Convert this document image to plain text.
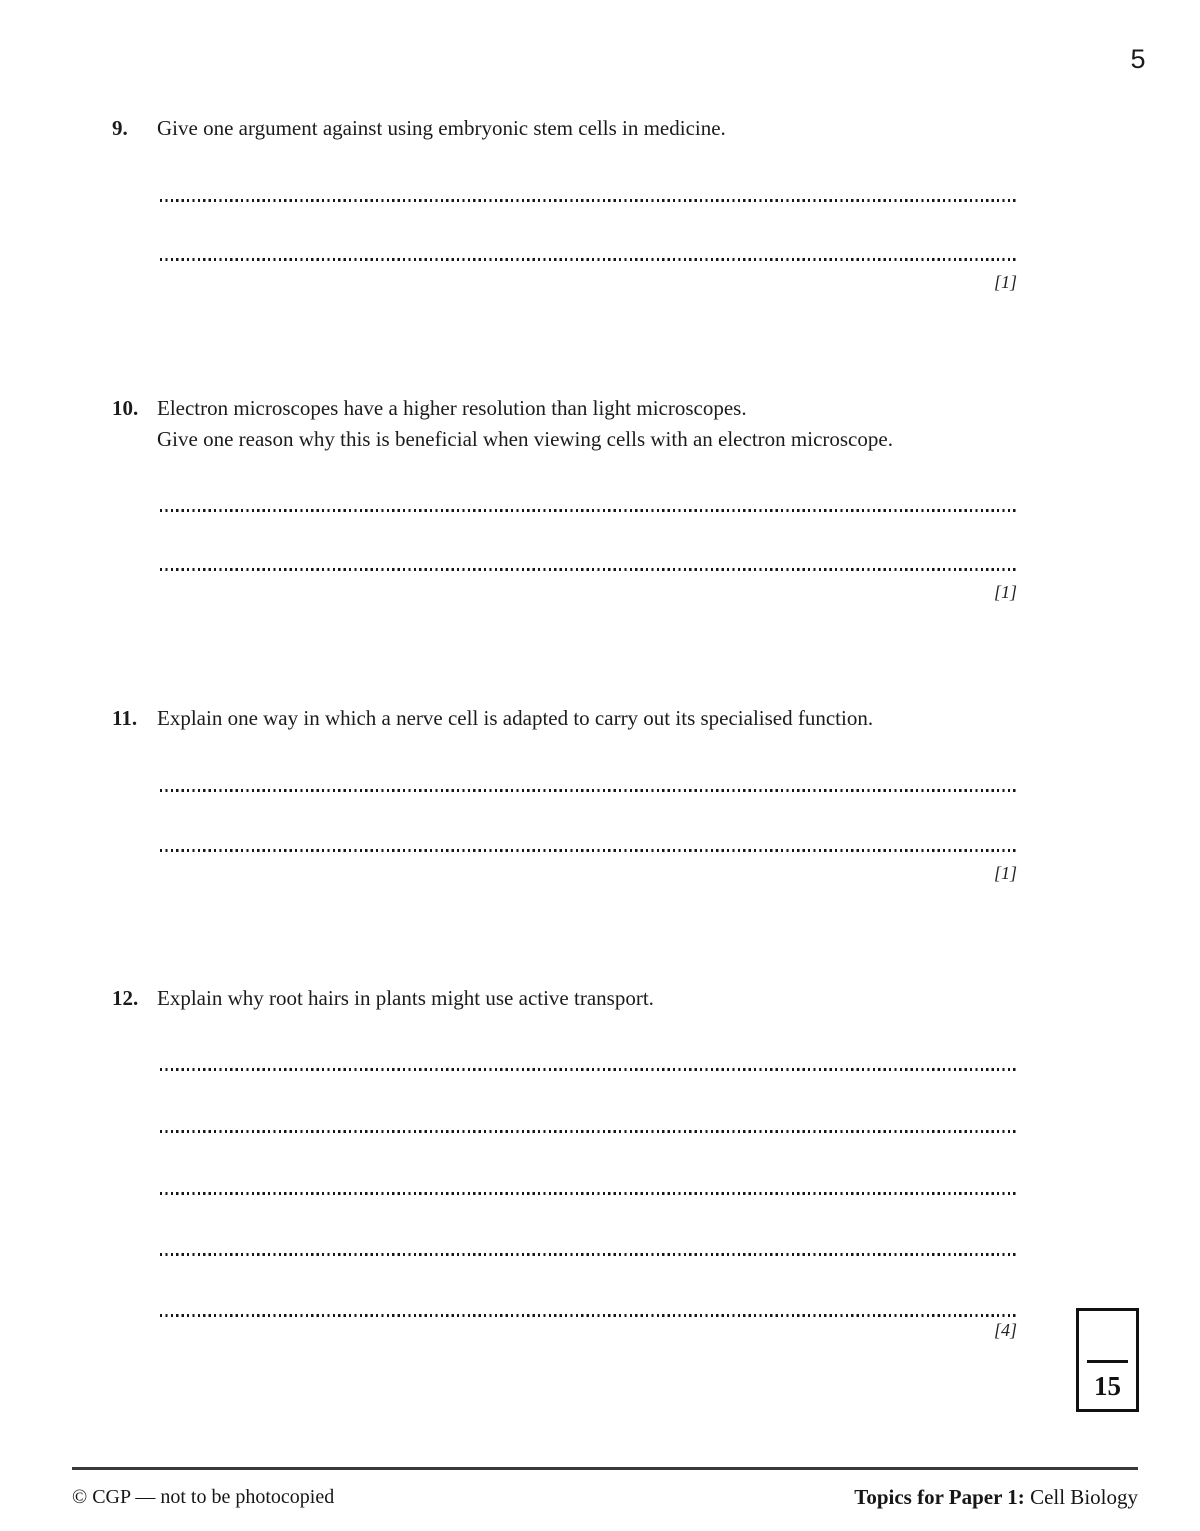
5
9.	Give one argument against using embryonic stem cells in medicine.
[1]
10. Electron microscopes have a higher resolution than light microscopes.
Give one reason why this is beneficial when viewing cells with an electron microscope.
[1]
11. Explain one way in which a nerve cell is adapted to carry out its specialised function.
[1]
12. Explain why root hairs in plants might use active transport.
[4]
15
© CGP — not to be photocopied	Topics for Paper 1: Cell Biology
